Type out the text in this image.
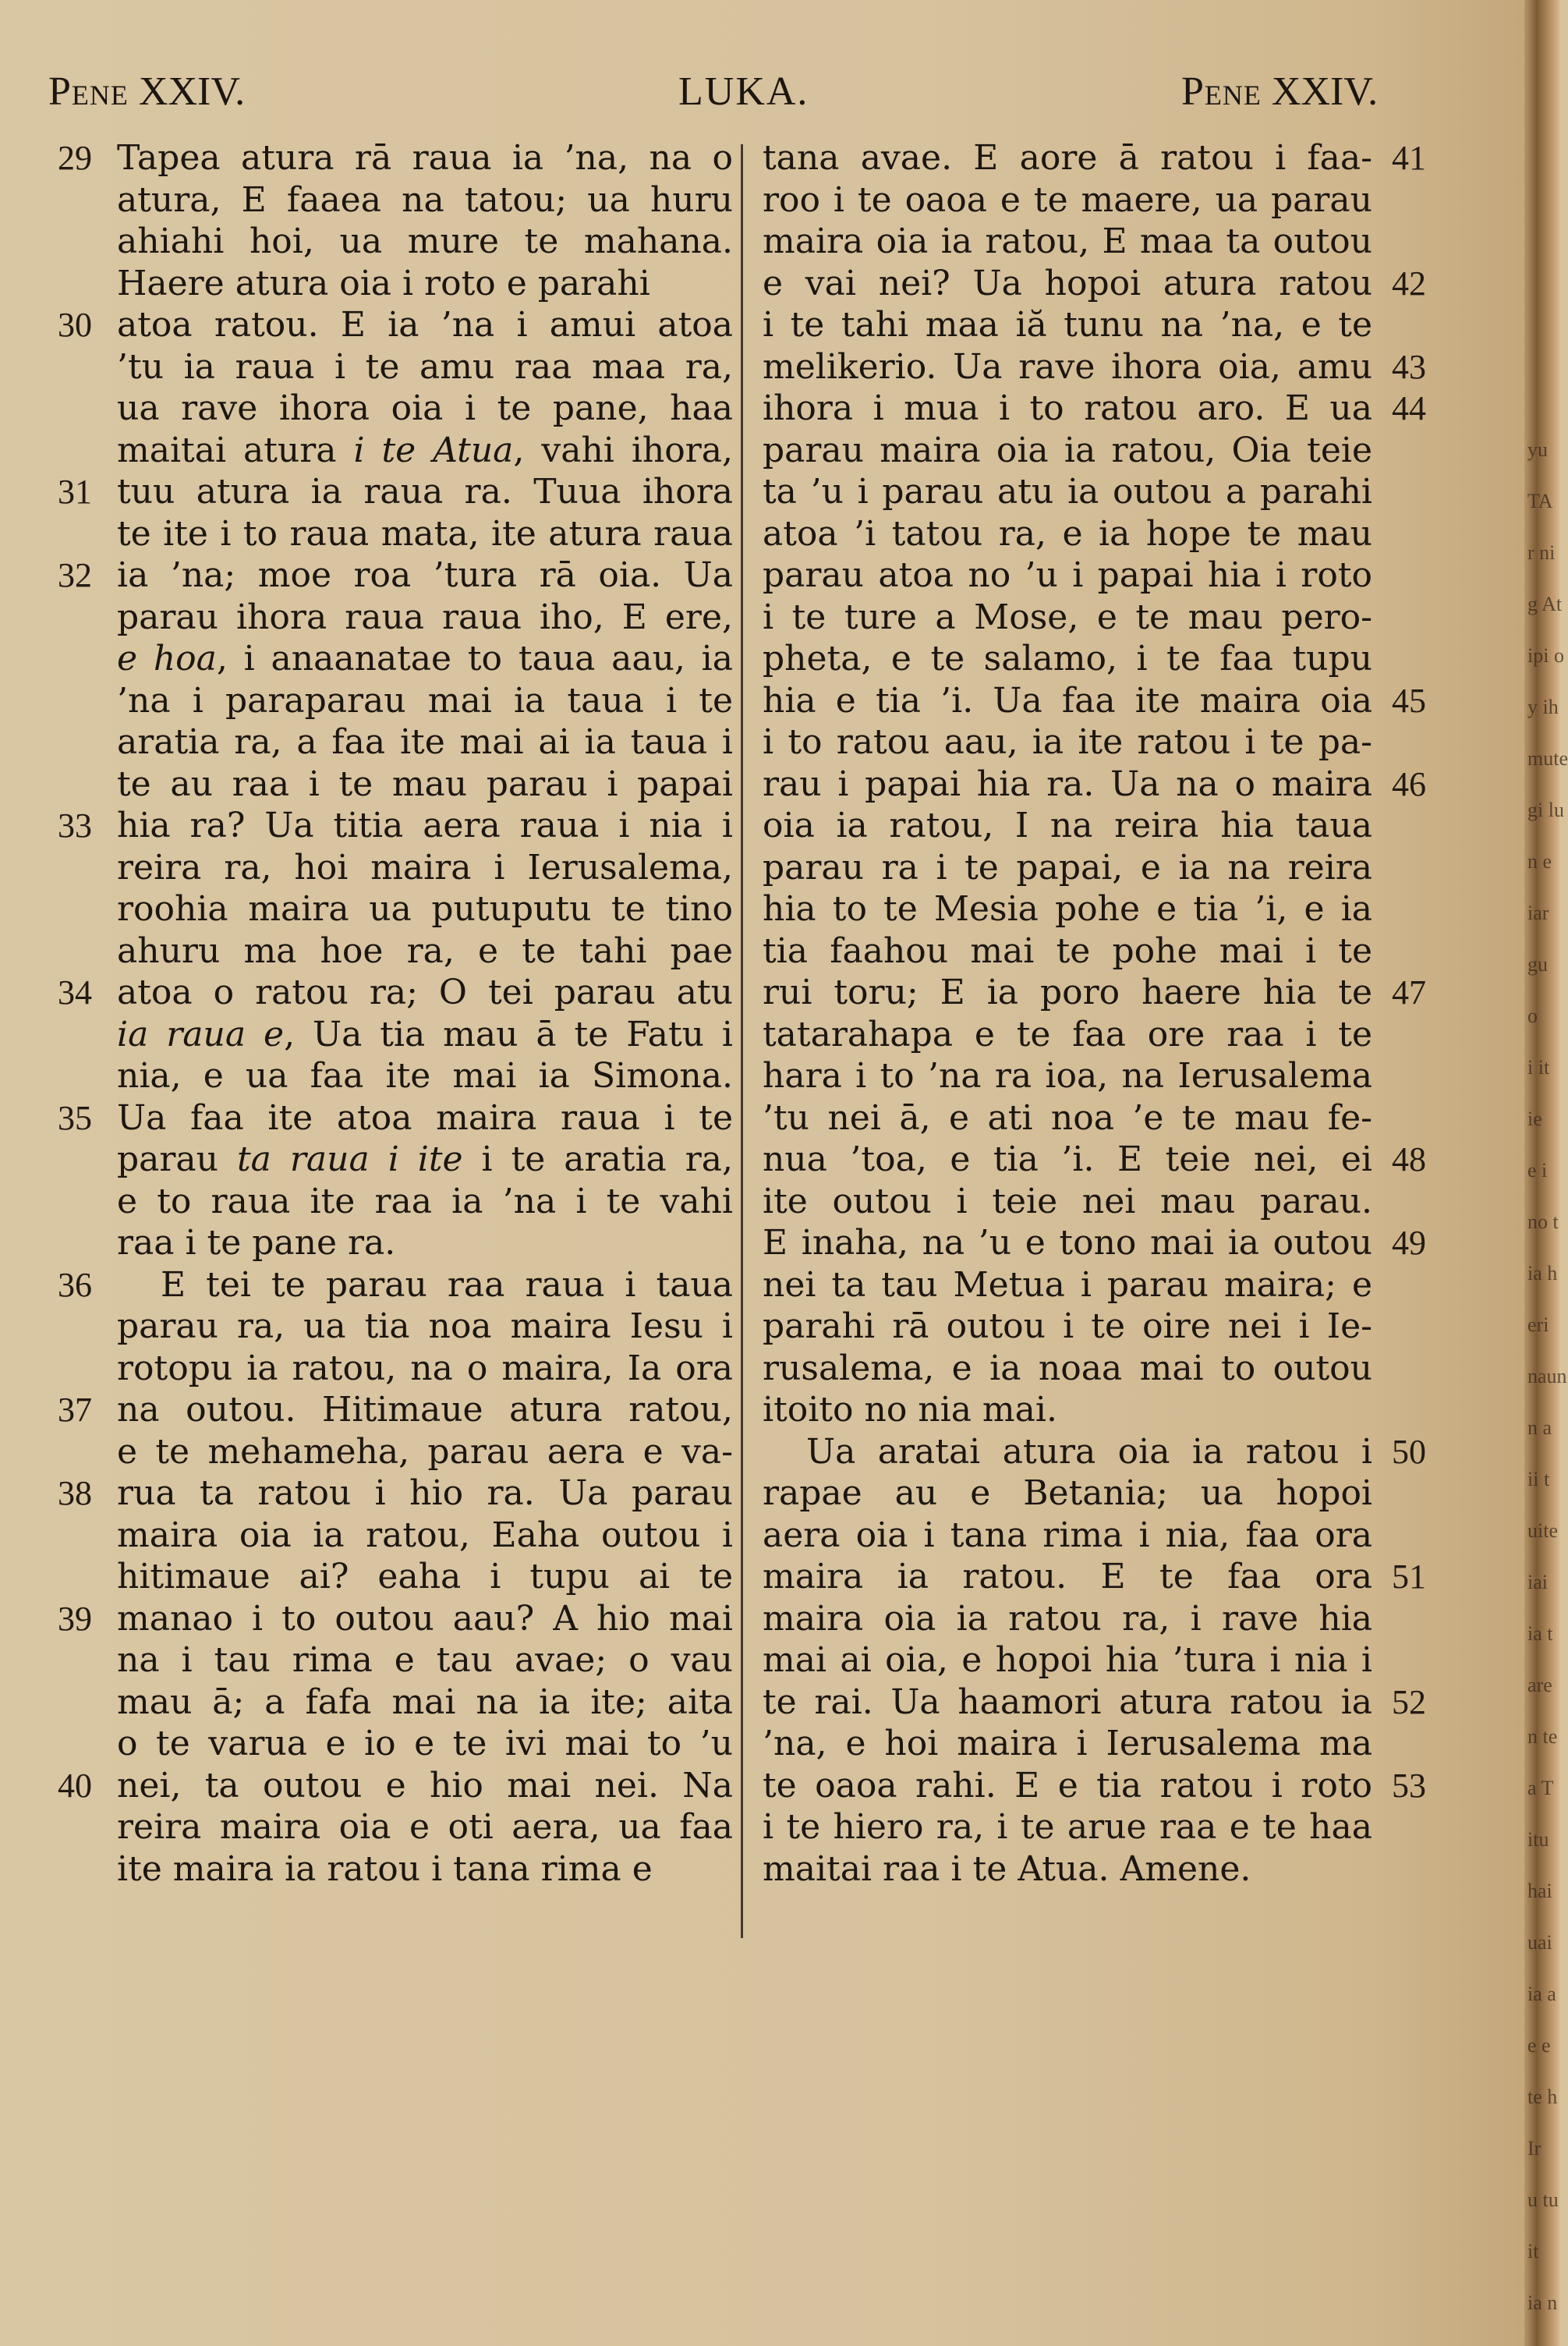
Pene XXIV.	LUKA.	Pene XXIV.
Tapea atura rā raua ia ’na, na o
atura, E faaea na tatou; ua huru
ahiahi hoi, ua mure te mahana.
Haere atura oia i roto e parahi
atoa ratou. E ia ’na i amui atoa
’tu ia raua i te amu raa maa ra,
ua rave ihora oia i te pane, haa
maitai atura i te Atua, vahi ihora,
tuu atura ia raua ra. Tuua ihora
te ite i to raua mata, ite atura raua
ia ’na; moe roa ’tura rā oia. Ua
parau ihora raua raua iho, E ere,
e hoa, i anaanatae to taua aau, ia
’na i paraparau mai ia taua i te
aratia ra, a faa ite mai ai ia taua i
te au raa i te mau parau i papai
hia ra? Ua titia aera raua i nia i
reira ra, hoi maira i Ierusalema,
roohia maira ua putuputu te tino
ahuru ma hoe ra, e te tahi pae
atoa o ratou ra; O tei parau atu
ia raua e, Ua tia mau ā te Fatu i
nia, e ua faa ite mai ia Simona.
Ua faa ite atoa maira raua i te
parau ta raua i ite i te aratia ra,
e to raua ite raa ia ’na i te vahi
raa i te pane ra.
E tei te parau raa raua i taua
parau ra, ua tia noa maira Iesu i
rotopu ia ratou, na o maira, Ia ora
na outou. Hitimaue atura ratou,
e te mehameha, parau aera e va-
rua ta ratou i hio ra. Ua parau
maira oia ia ratou, Eaha outou i
hitimaue ai? eaha i tupu ai te
manao i to outou aau? A hio mai
na i tau rima e tau avae; o vau
mau ā; a fafa mai na ia ite; aita
o te varua e io e te ivi mai to ’u
nei, ta outou e hio mai nei. Na
reira maira oia e oti aera, ua faa
ite maira ia ratou i tana rima e
tana avae. E aore ā ratou i faa-
roo i te oaoa e te maere, ua parau
maira oia ia ratou, E maa ta outou
e vai nei? Ua hopoi atura ratou
i te tahi maa iă tunu na ’na, e te
melikerio. Ua rave ihora oia, amu
ihora i mua i to ratou aro. E ua
parau maira oia ia ratou, Oia teie
ta ’u i parau atu ia outou a parahi
atoa ’i tatou ra, e ia hope te mau
parau atoa no ’u i papai hia i roto
i te ture a Mose, e te mau pero-
pheta, e te salamo, i te faa tupu
hia e tia ’i. Ua faa ite maira oia
i to ratou aau, ia ite ratou i te pa-
rau i papai hia ra. Ua na o maira
oia ia ratou, I na reira hia taua
parau ra i te papai, e ia na reira
hia to te Mesia pohe e tia ’i, e ia
tia faahou mai te pohe mai i te
rui toru; E ia poro haere hia te
tatarahapa e te faa ore raa i te
hara i to ’na ra ioa, na Ierusalema
’tu nei ā, e ati noa ’e te mau fe-
nua ’toa, e tia ’i. E teie nei, ei
ite outou i teie nei mau parau.
E inaha, na ’u e tono mai ia outou
nei ta tau Metua i parau maira; e
parahi rā outou i te oire nei i Ie-
rusalema, e ia noaa mai to outou
itoito no nia mai.
Ua aratai atura oia ia ratou i
rapae au e Betania; ua hopoi
aera oia i tana rima i nia, faa ora
maira ia ratou. E te faa ora
maira oia ia ratou ra, i rave hia
mai ai oia, e hopoi hia ’tura i nia i
te rai. Ua haamori atura ratou ia
’na, e hoi maira i Ierusalema ma
te oaoa rahi. E e tia ratou i roto
i te hiero ra, i te arue raa e te haa
maitai raa i te Atua. Amene.
29
30
31
32
33
34
35
36
37
38
39
40
41
42
43
44
45
46
47
48
49
50
51
52
53
yu
TA
r ni
g At
ipi o
y ih
mute
gi lu
n e
iar
gu
o
i it
ie
e i
no t
ia h
eri
naun
n a
ii t
uite
iai
ia t
are
n te
a T
itu
hai
uai
ia a
e e
te h
Ir
u tu
it
ia n
